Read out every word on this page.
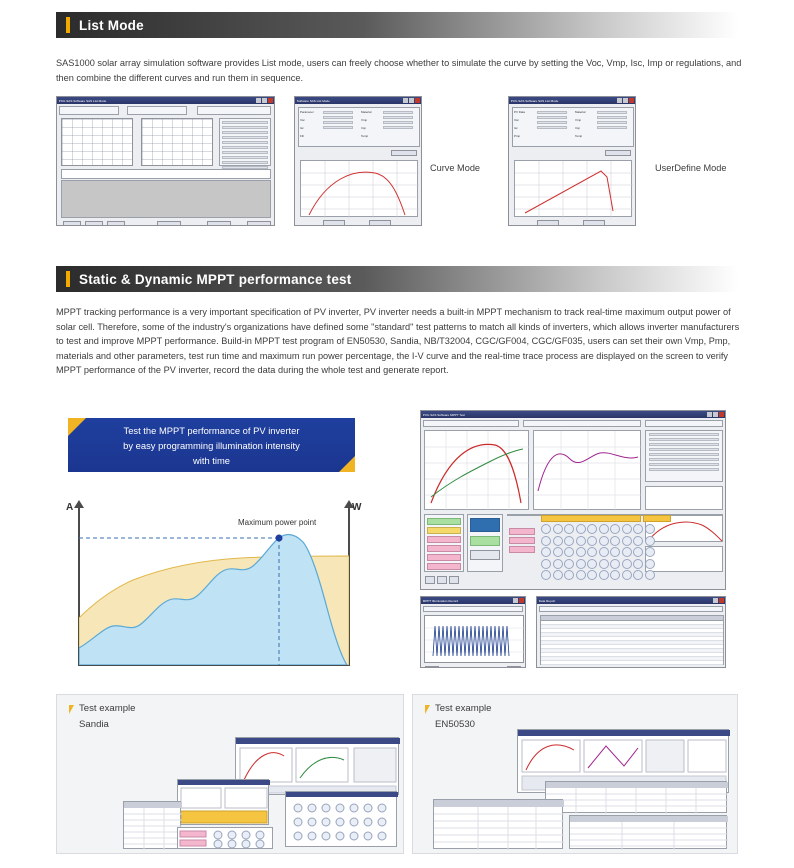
List Mode
SAS1000 solar array simulation software provides List mode, users can freely choose whether to simulate the curve by setting the Voc, Vmp, Isc, Imp or regulations, and then combine the different curves and run them in sequence.
PCU-SAS Software SAS List Mode	Software SAS List Mode
Parameter
Voc
Isc
Fill
Material
Vmp
Imp
Temp
Curve Mode
PCU-SAS Software SAS List Mode
PV Data
Voc
Isc
Pmp
Material
Vmp
Imp
Temp
UserDefine Mode
Static & Dynamic MPPT performance test
MPPT tracking performance is a very important specification of PV inverter, PV inverter needs a built-in MPPT mechanism to track real-time maximum output power of solar cell. Therefore, some of the industry's organizations have defined some "standard" test patterns to match all kinds of inverters, which allows inverter manufacturers to test and improve MPPT performance. Build-in MPPT test program of EN50530, Sandia, NB/T32004, CGC/GF004, CGC/GF035, users can set their own Vmp, Pmp, materials and other parameters, test run time and maximum run power percentage, the I-V curve and the real-time trace process are displayed on the screen to verify MPPT performance of the PV inverter, record the data during the whole test and generate report.
Test the MPPT performance of PV inverter
by easy programming illumination intensity
with time
A	W
Maximum power point
PCU-SAS Software MPPT Test
MPPT Illumination Record	Data Report
Test example
Sandia
Test example
EN50530
